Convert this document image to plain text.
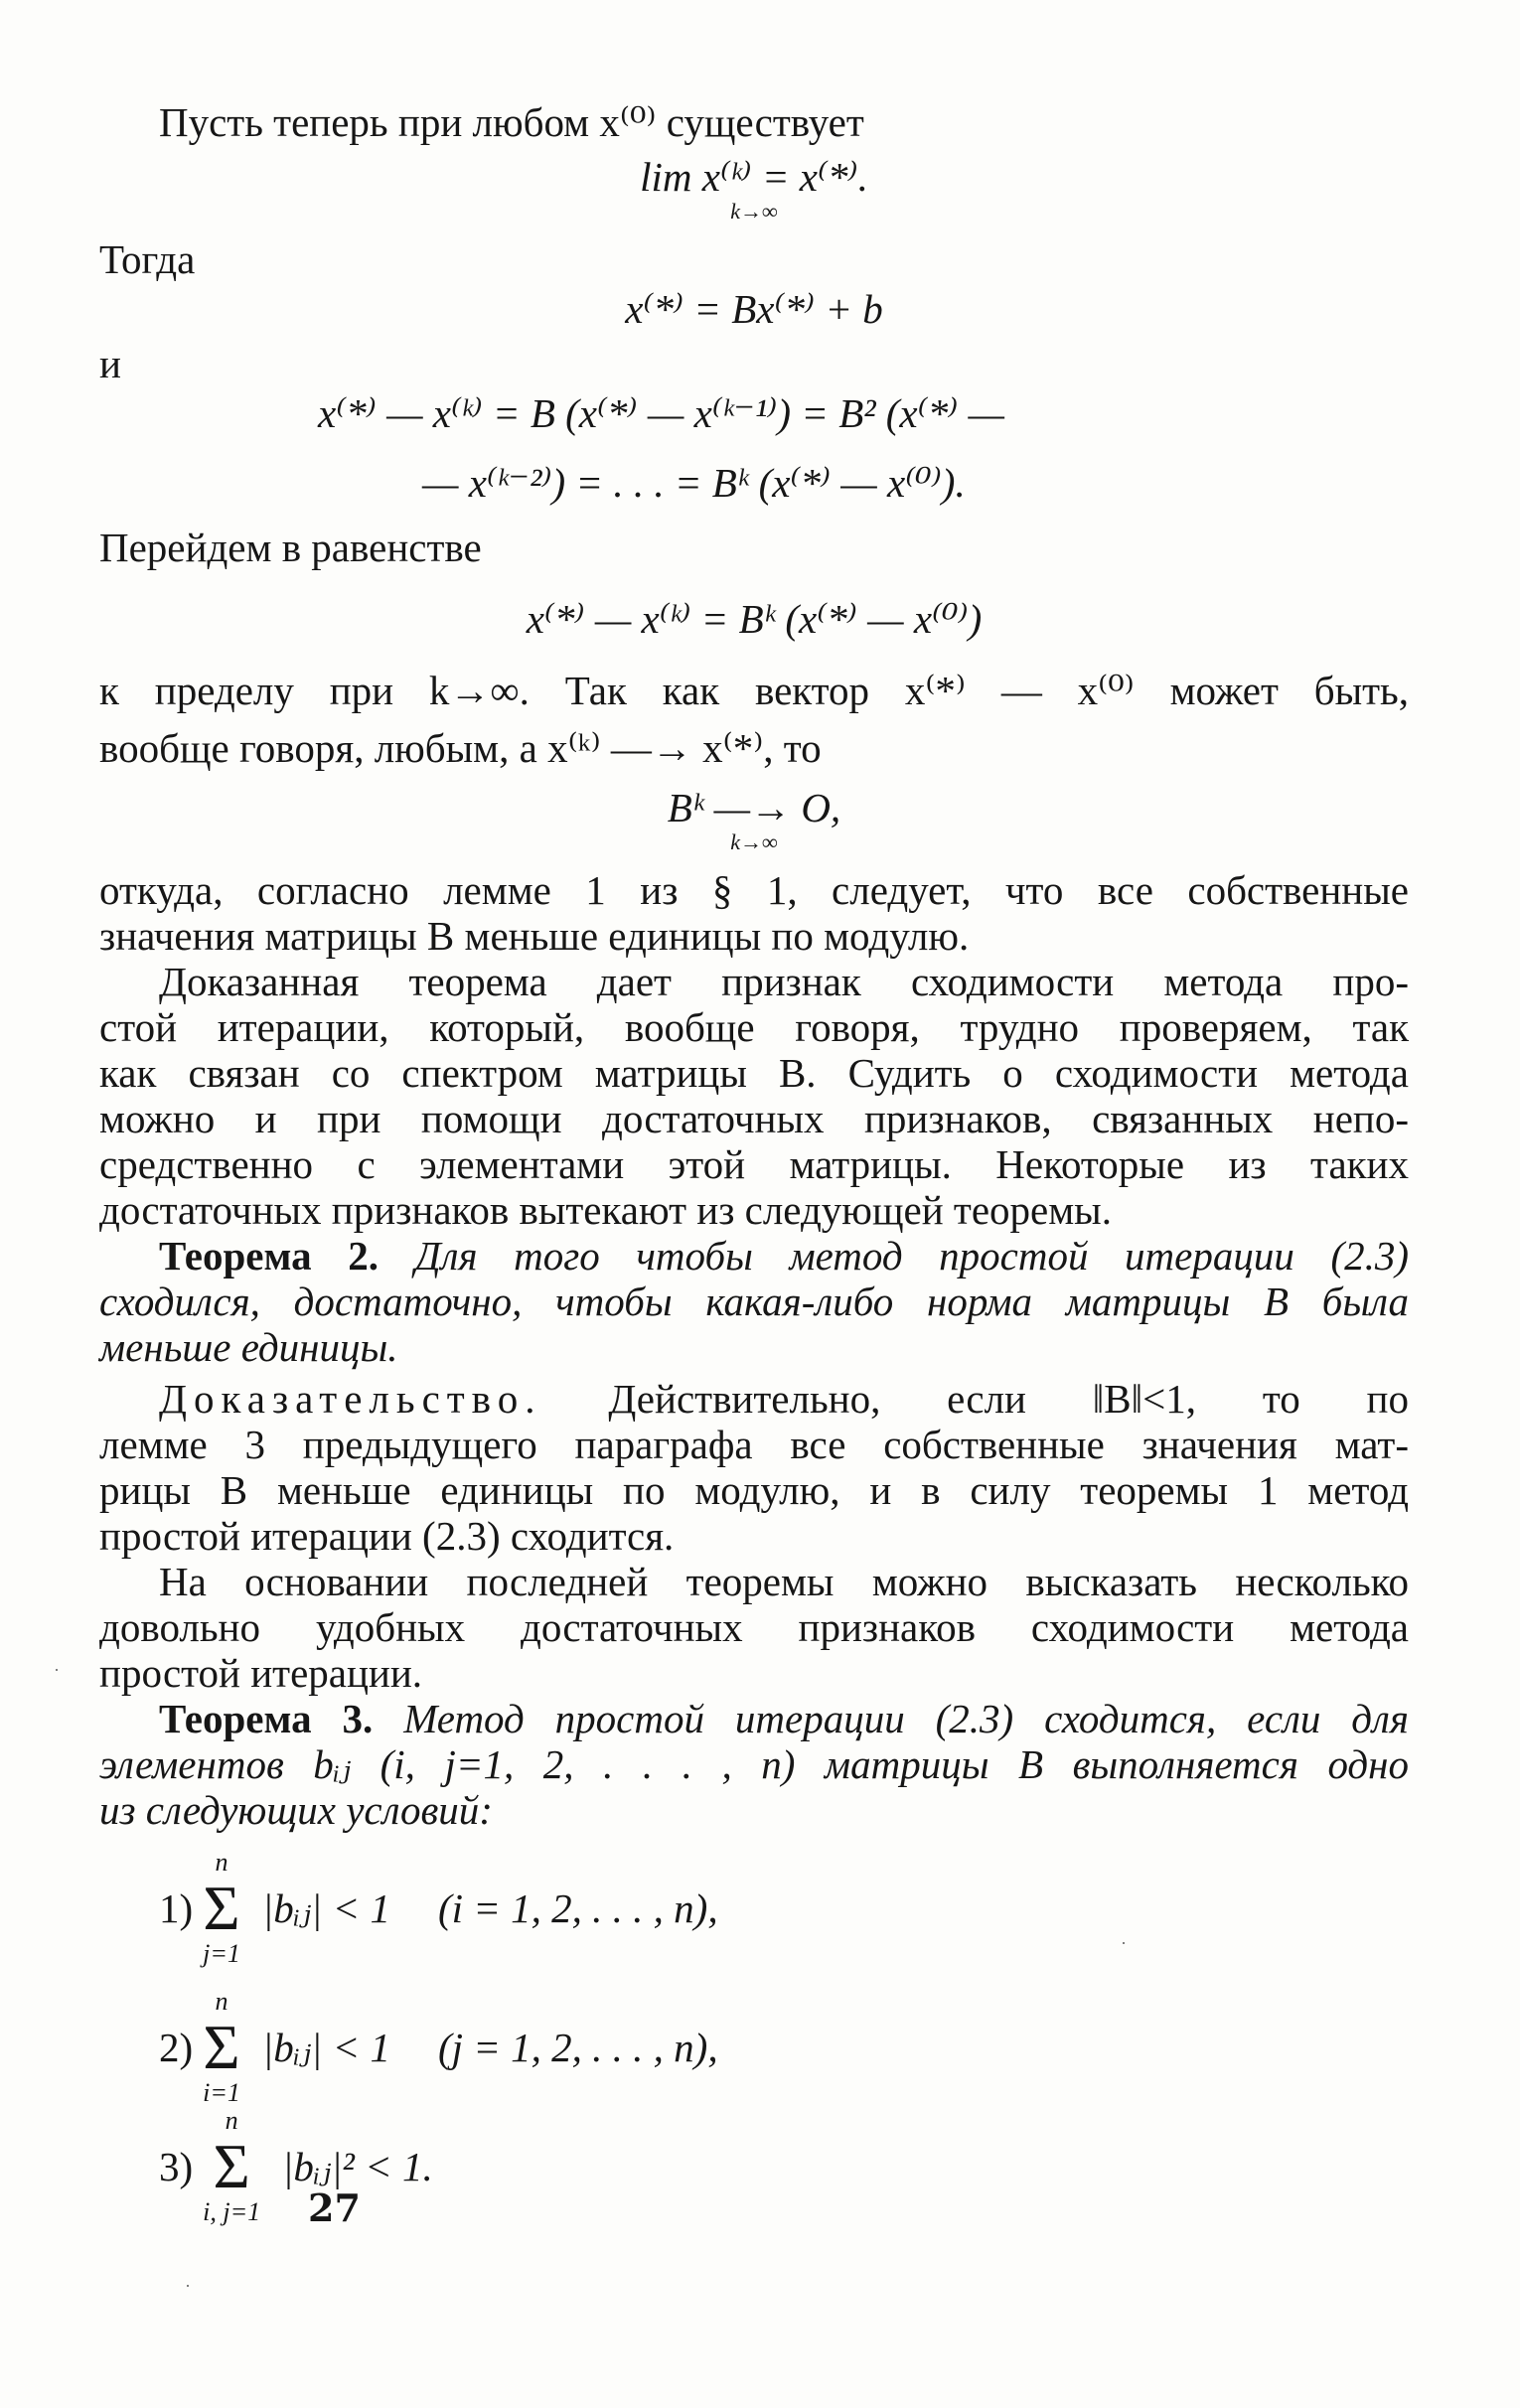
Пусть теперь при любом x⁽⁰⁾ существует
lim x⁽ᵏ⁾ = x⁽*⁾.
k→∞
Тогда
x⁽*⁾ = Bx⁽*⁾ + b
и
x⁽*⁾ — x⁽ᵏ⁾ = B (x⁽*⁾ — x⁽ᵏ⁻¹⁾) = B² (x⁽*⁾ —
— x⁽ᵏ⁻²⁾) = . . . = Bᵏ (x⁽*⁾ — x⁽⁰⁾).
Перейдем в равенстве
x⁽*⁾ — x⁽ᵏ⁾ = Bᵏ (x⁽*⁾ — x⁽⁰⁾)
к пределу при k→∞. Так как вектор x⁽*⁾ — x⁽⁰⁾ может быть,
вообще говоря, любым, а x⁽ᵏ⁾ —→ x⁽*⁾, то
Bᵏ —→ O,
k→∞
откуда, согласно лемме 1 из § 1, следует, что все собственные
значения матрицы B меньше единицы по модулю.
Доказанная теорема дает признак сходимости метода про-
стой итерации, который, вообще говоря, трудно проверяем, так
как связан со спектром матрицы B. Судить о сходимости метода
можно и при помощи достаточных признаков, связанных непо-
средственно с элементами этой матрицы. Некоторые из таких
достаточных признаков вытекают из следующей теоремы.
Теорема 2. Для того чтобы метод простой итерации (2.3)
сходился, достаточно, чтобы какая-либо норма матрицы B была
меньше единицы.
Доказательство. Действительно, если ‖B‖<1, то по
лемме 3 предыдущего параграфа все собственные значения мат-
рицы B меньше единицы по модулю, и в силу теоремы 1 метод
простой итерации (2.3) сходится.
На основании последней теоремы можно высказать несколько
довольно удобных достаточных признаков сходимости метода
простой итерации.
Теорема 3. Метод простой итерации (2.3) сходится, если для
элементов bᵢⱼ (i, j=1, 2, . . . , n) матрицы B выполняется одно
из следующих условий:
1)
n
Σ
j=1
|bᵢⱼ| < 1 (i = 1, 2, . . . , n),
2)
n
Σ
i=1
|bᵢⱼ| < 1 (j = 1, 2, . . . , n),
3)
n
Σ
i, j=1
|bᵢⱼ|² < 1.
27
